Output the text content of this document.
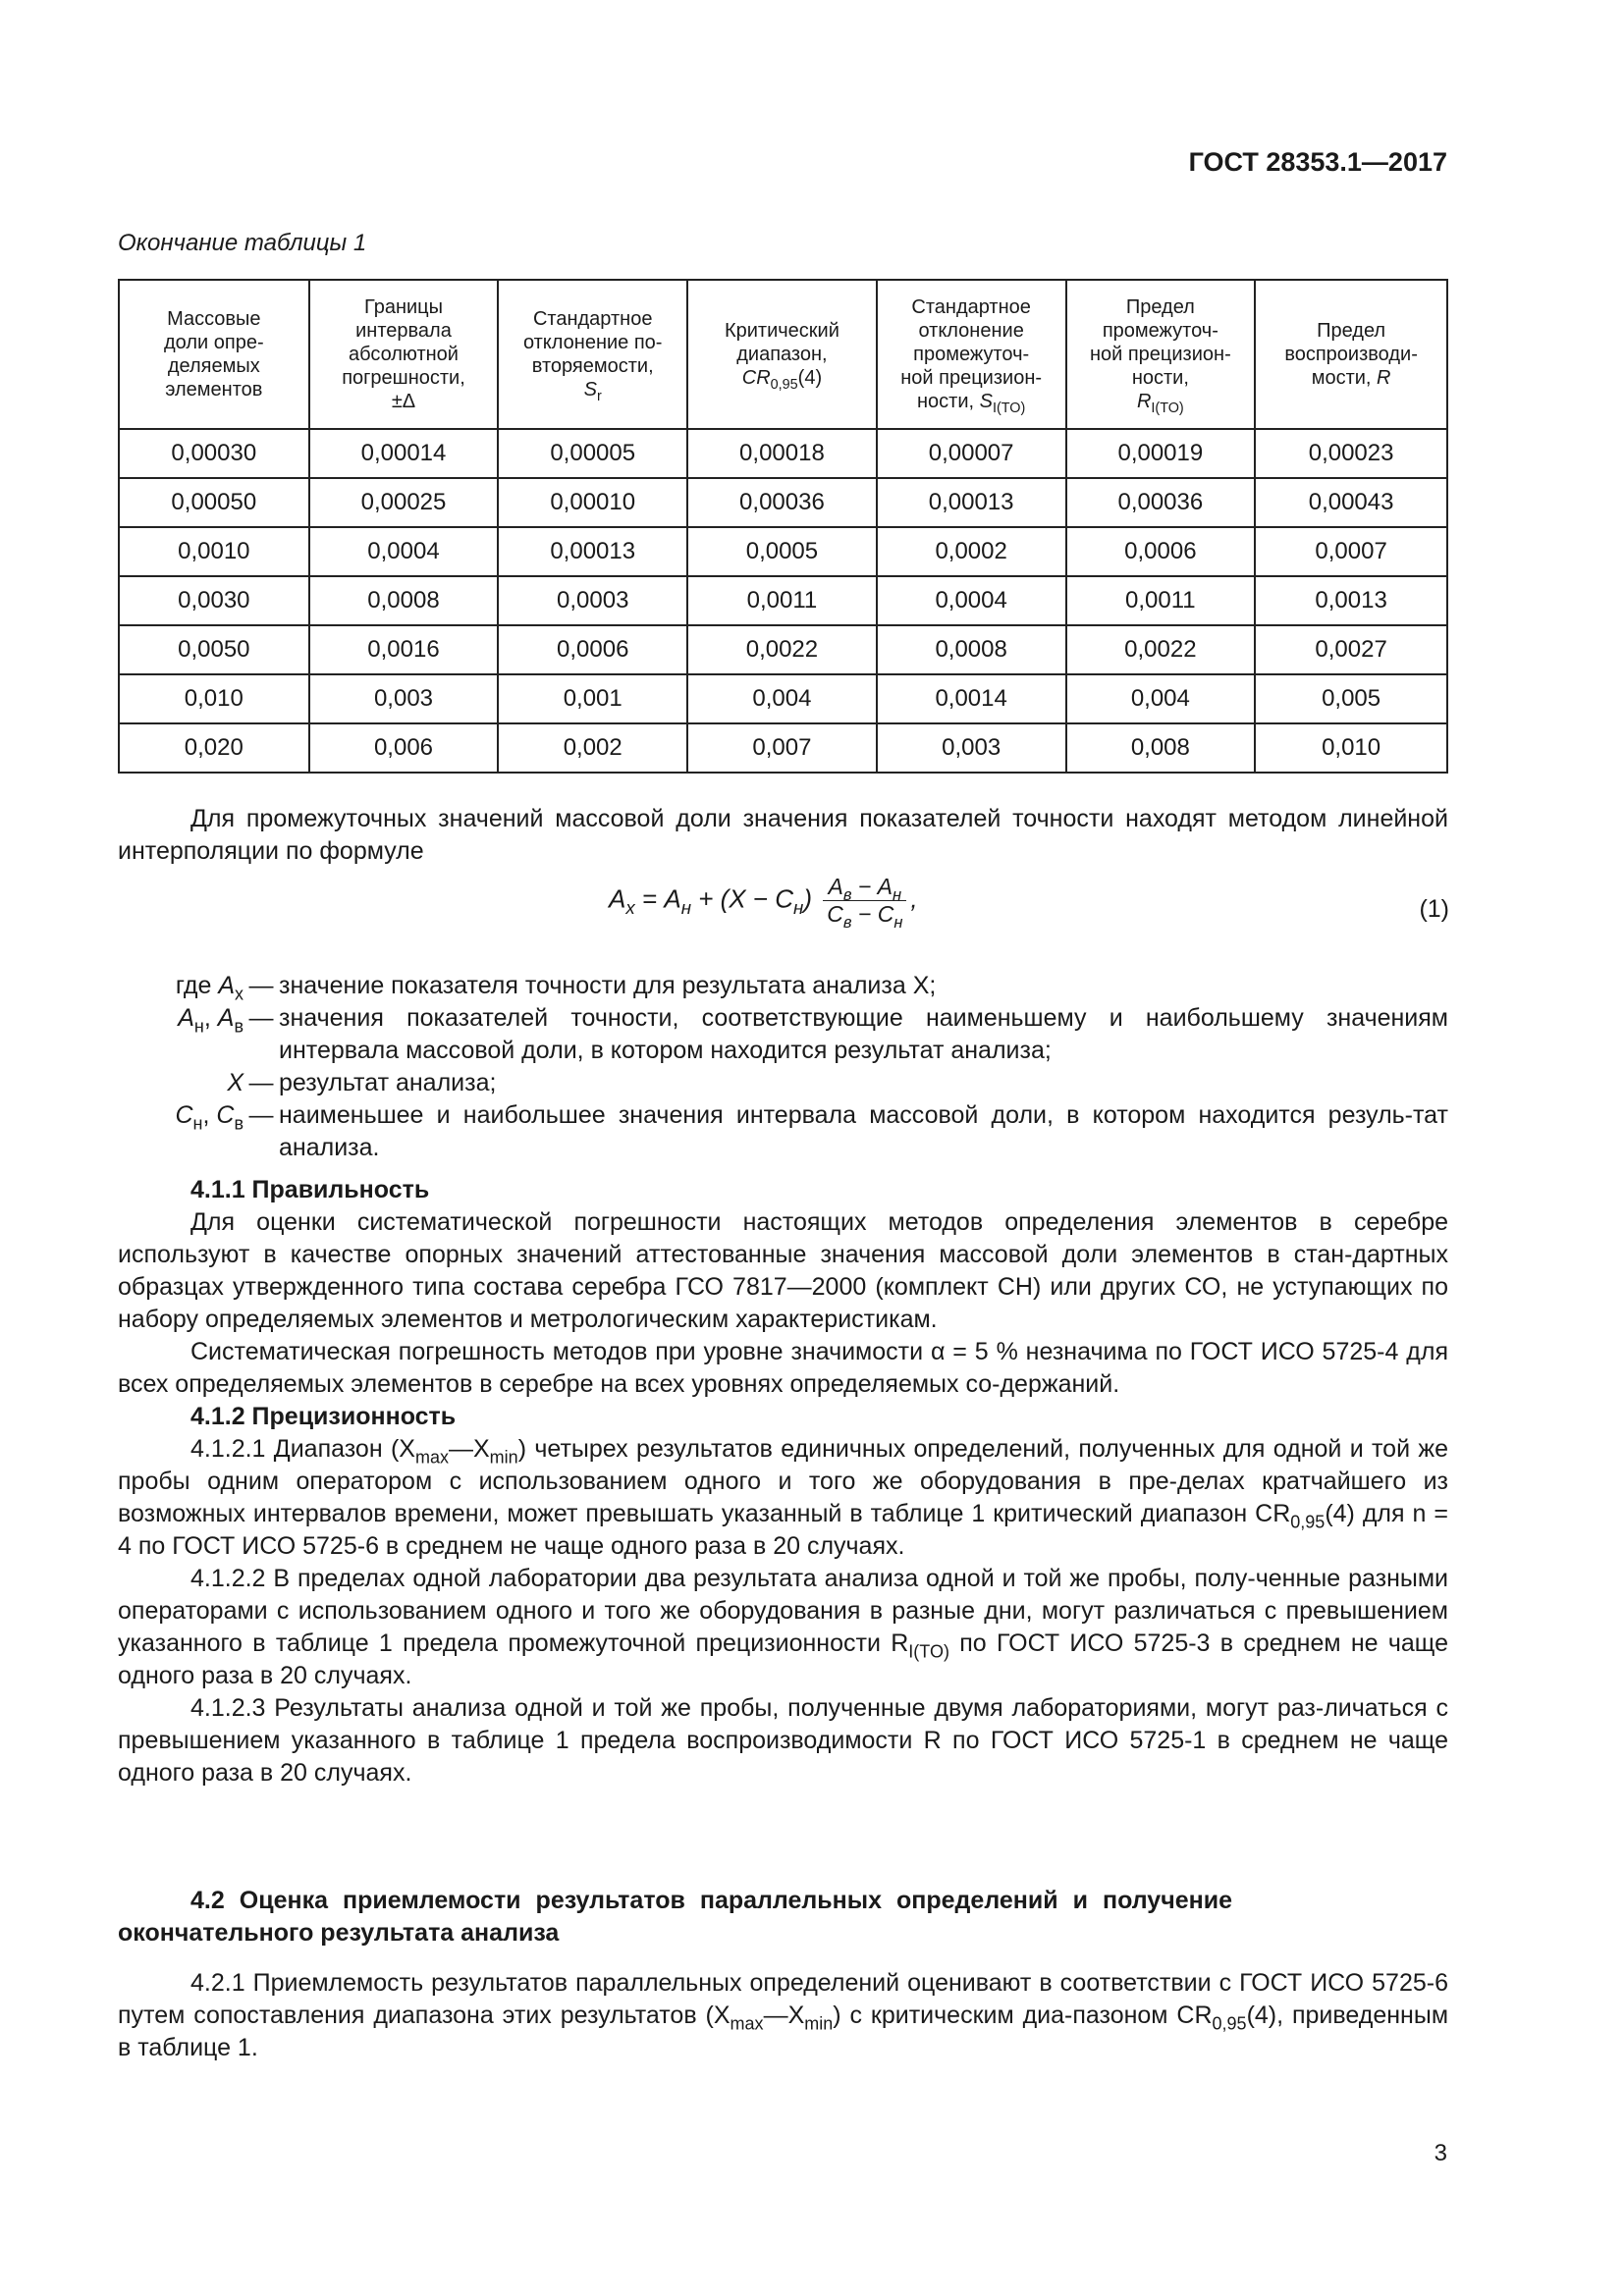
ГОСТ 28353.1—2017
Окончание таблицы 1
Массовые
доли опре-
деляемых
элементов	Границы
интервала
абсолютной
погрешности,
±Δ	Стандартное
отклонение по-
вторяемости,
$S_r$	Критический
диапазон,
$CR_{0,95}(4)$	Стандартное
отклонение
промежуточ-
ной прецизион-
ности, $S_{I(TO)}$	Предел
промежуточ-
ной прецизион-
ности,
$R_{I(TO)}$	Предел
воспроизводи-
мости, R
0,00030	0,00014	0,00005	0,00018	0,00007	0,00019	0,00023
0,00050	0,00025	0,00010	0,00036	0,00013	0,00036	0,00043
0,0010	0,0004	0,00013	0,0005	0,0002	0,0006	0,0007
0,0030	0,0008	0,0003	0,0011	0,0004	0,0011	0,0013
0,0050	0,0016	0,0006	0,0022	0,0008	0,0022	0,0027
0,010	0,003	0,001	0,004	0,0014	0,004	0,005
0,020	0,006	0,002	0,007	0,003	0,008	0,010

Для промежуточных значений массовой доли значения показателей точности находят методом линейной интерполяции по формуле

$A_х = A_н + (X - C_н) \frac{A_в - A_н}{C_в - C_н}$ ,	(1)
где $A_х$ — значение показателя точности для результата анализа X;
$A_н$, $A_в$ — значения показателей точности, соответствующие наименьшему и наибольшему значениям интервала массовой доли, в котором находится результат анализа;
X — результат анализа;
$C_н$, $C_в$ — наименьшее и наибольшее значения интервала массовой доли, в котором находится резуль-тат анализа.

4.1.1 Правильность

Для оценки систематической погрешности настоящих методов определения элементов в серебре используют в качестве опорных значений аттестованные значения массовой доли элементов в стан-дартных образцах утвержденного типа состава серебра ГСО 7817—2000 (комплект СН) или других СО, не уступающих по набору определяемых элементов и метрологическим характеристикам.

Систематическая погрешность методов при уровне значимости α = 5 % незначима по ГОСТ ИСО 5725-4 для всех определяемых элементов в серебре на всех уровнях определяемых со-держаний.

4.1.2 Прецизионность

4.1.2.1 Диапазон $(X_{max}—X_{min})$ четырех результатов единичных определений, полученных для одной и той же пробы одним оператором с использованием одного и того же оборудования в пре-делах кратчайшего из возможных интервалов времени, может превышать указанный в таблице 1 критический диапазон $CR_{0,95}(4)$ для n = 4 по ГОСТ ИСО 5725-6 в среднем не чаще одного раза в 20 случаях.

4.1.2.2 В пределах одной лаборатории два результата анализа одной и той же пробы, полу-ченные разными операторами с использованием одного и того же оборудования в разные дни, могут различаться с превышением указанного в таблице 1 предела промежуточной прецизионности $R_{I(TO)}$ по ГОСТ ИСО 5725-3 в среднем не чаще одного раза в 20 случаях.

4.1.2.3 Результаты анализа одной и той же пробы, полученные двумя лабораториями, могут раз-личаться с превышением указанного в таблице 1 предела воспроизводимости R по ГОСТ ИСО 5725-1 в среднем не чаще одного раза в 20 случаях.

4.2 Оценка приемлемости результатов параллельных определений и получение окончательного результата анализа

4.2.1 Приемлемость результатов параллельных определений оценивают в соответствии с ГОСТ ИСО 5725-6 путем сопоставления диапазона этих результатов $(X_{max}—X_{min})$ с критическим диа-пазоном $CR_{0,95}(4)$, приведенным в таблице 1.

3
